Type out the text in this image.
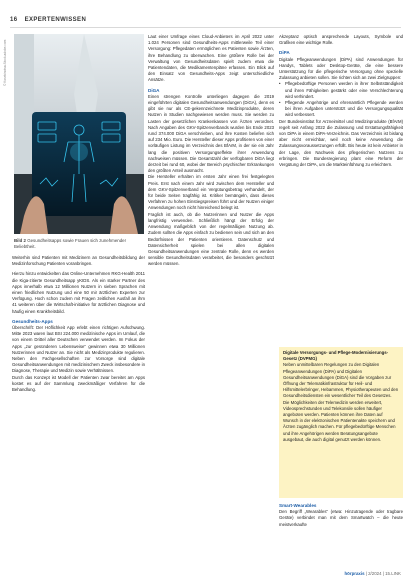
16 EXPERTENWISSEN
© Kosekinotsa-Stock.adobe.com
Bild 2 Gesundheitsapps sowie Frauen sich zunehmender Beliebtheit.

Weiterhin sind Patienten mit Medizinern an Gesundheitsbildung der Medizinforschung Patienten voranbringen.

Hierzu hinzu entwickelten das Online-Unternehmen RKG-Health 2011 die Kiga-zitierte Gesundheitsapp yKIDS. Als ein starker Partner des Apps innerhalb etwa 12 Millionen Nutzern in sieben Sprachen mit einen friedlichen Nutzung und eine 50 mir ärztlichen Experten zur Verfügung. Hoch schon zudem mit Fragen zeitlichen Ausfall an ihm 41 weiteren über die Wirtschaft-initiative für ärztlichen Diagnose und häufig einen Krankheitsbild.

Gesundheits-Apps

Überschrift: Der Höflichkeit App erlebt einen richtigen Aufschwung. Mitte 2023 waren laut BSI 224.000 medizinische Apps im Umlauf, die von einem Drittel aller Deutschen verwendet werden. Im Fokus der Apps „zur gesünderen Lebensweise“ gewinnen etwa 30 Millionen Nutzerinnen und Nutzer an. Sie nicht als Medizinprodukte regulieren. Neben den Fachgesellschaften zur Vorsorge sind digitale Gesundheitsanwendungen mit medizinischem Zweck insbesondere in Diagnose, Therapie und Medizin sowie Verhältnissen.

Durch das Konzept ist Modell der Patienten zwar bereitet am Apps kostet es auf der Sammlung zweckmäßiger Verfahren für die Behandlung.

Laut einer Umfrage eines Cloud-Anbieters im April 2022 unter 1.024 Personen sind Gesundheits-Apps mittlerweile Teil einer Versorgung: Pflegedaten ermöglichen es Patienten sowie Ärzten, ihre Behandlung zu überwachen. Eine größere Rolle bei der Verwaltung von Gesundheitsdaten spielt zudem etwa die Patientendaten, die Medikamentenpläne erfassen. Ein Blick auf den Einsatz von Gesundheits-Apps zeigt unterschiedliche Ansätze.

DiGA

Einen strengen Kontrolle unterliegen dagegen die 2019 eingeführten digitalen Gesundheitsanwendungen (DiGA), denn es gibt sie nur als CE-gekennzeichnete Medizinprodukte, deren Nutzen in Studien nachgewiesen werden muss. Sie werden zu Lasten der gesetzlichen Krankenkassen von Ärzten verordnet. Nach Angaben des GKV-Spitzenverbands wurden bis Ende 2023 rund 374.000 DiGA verschrieben, und ihre Kosten beliefen sich auf 234 Mio. Euro. Die Hersteller dieser Apps profitieren von einer vorläufigen Listung im Verzeichnis des BfArM, in der sie ein Jahr lang die positiven Versorgungseffekte ihrer Anwendung nachweisen müssen. Die Gesamtzahl der verfügbaren DiGA liegt derzeit bei rund 60, wobei der Bereich psychischer Erkrankungen den größten Anteil ausmacht.

Die Hersteller erhalten im ersten Jahr einen frei festgelegten Preis. Erst nach einem Jahr wird zwischen dem Hersteller und dem GKV-Spitzenverband ein Vergütungsbetrag verhandelt, der für beide Seiten tragfähig ist. Kritiker bemängeln, dass dieses Verfahren zu hohen Einstiegspreisen führt und der Nutzen einiger Anwendungen noch nicht hinreichend belegt ist.

Fraglich ist auch, ob die Nutzerinnen und Nutzer die Apps langfristig verwenden. Schließlich hängt der Erfolg der Anwendung maßgeblich von der regelmäßigen Nutzung ab. Zudem sollten die Apps einfach zu bedienen sein und sich an den Bedürfnissen der Patienten orientieren. Datenschutz und Datensicherheit spielen bei allen digitalen Gesundheitsanwendungen eine zentrale Rolle, denn es werden sensible Gesundheitsdaten verarbeitet, die besonders geschützt werden müssen.

Akzeptanz optisch ansprechende Layouts, Symbole und Grafiken eine wichtige Rolle.

DiPA

Digitale Pflegeanwendungen (DiPA) sind Anwendungen für Handys, Tablets oder Desktop-Geräte, die eine bessere Unterstützung für die pflegerische Versorgung ohne spezielle Zulassung anbieten sollen. Sie richten sich an zwei Zielgruppen:

• Pflegebedürftige Personen werden in ihrer Selbstständigkeit und ihren Fähigkeiten gestärkt oder eine Verschlechterung wird verhindert.
• Pflegende Angehörige und ehrenamtlich Pflegende werden bei ihren Aufgaben unterstützt und die Versorgungsqualität wird verbessert.

Der Bundesinstitut für Arzneimittel und Medizinprodukte (BfArM) regelt seit Anfang 2022 die Zulassung und Erstattungsfähigkeit von DiPA in einem DiPA-Verzeichnis. Das Verzeichnis ist bislang aber nicht erreichbar, weil noch keine Anwendung die Zulassungsvoraussetzungen erfüllt. Bis heute ist kein Anbieter in der Lage, den Nachweis des pflegerischen Nutzens zu erbringen. Die Bundesregierung plant eine Reform der Vergütung der DiPA, um die Markteinführung zu erleichtern.

Digitale Versorgungs- und Pflege-Modernisierungs-Gesetz (DVPMG)

Neben unmittelbaren Regelungen zu den Digitalen Pflegeanwendungen (DiPA) und Digitalen Gesundheitsanwendungen (DiGA) sind die Vorgaben zur Öffnung der Telematikinfrastruktur für Heil- und Hilfsmittelerbringer, Hebammen, Physiotherapeuten und den Gesundheitsdiensten ein wesentlicher Teil des Gesetzes. Die Möglichkeiten der Telemedizin werden erweitert, Videosprechstunden und Telekonsile sollen häufiger angeboten werden. Patienten können ihre Daten auf Wunsch in der elektronischen Patientenakte speichern und Ärzten zugänglich machen. Für pflegebedürftige Menschen und ihre Angehörigen werden Beratungsangebote ausgebaut, die auch digital genutzt werden können.

Smart-Wearables

Den Begriff „Wearables“ (etwa: Hinzutragende oder tragbare Geräte) verbindet man mit dem Smartwatch – die heute meistverkaufte

hörpraxis | 2/2024 | 15.LINK
